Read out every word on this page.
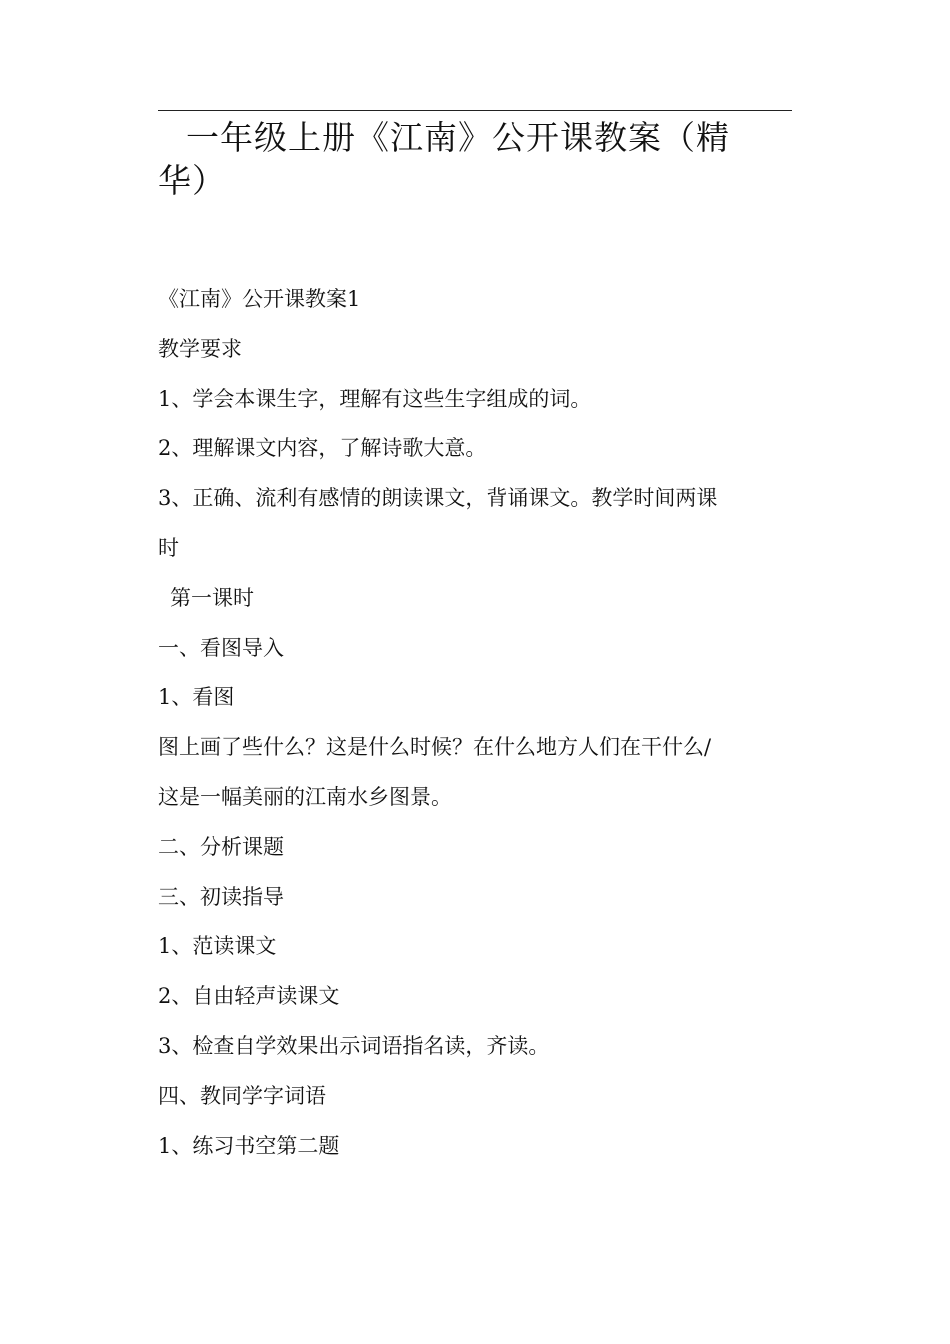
一年级上册《江南》公开课教案（精华）
《江南》公开课教案1
教学要求
1、学会本课生字，理解有这些生字组成的词。
2、理解课文内容，了解诗歌大意。
3、正确、流利有感情的朗读课文，背诵课文。教学时间两课
时
第一课时
一、看图导入
1、看图
图上画了些什么？这是什么时候？在什么地方人们在干什么/
这是一幅美丽的江南水乡图景。
二、分析课题
三、初读指导
1、范读课文
2、自由轻声读课文
3、检查自学效果出示词语指名读，齐读。
四、教同学字词语
1、练习书空第二题
